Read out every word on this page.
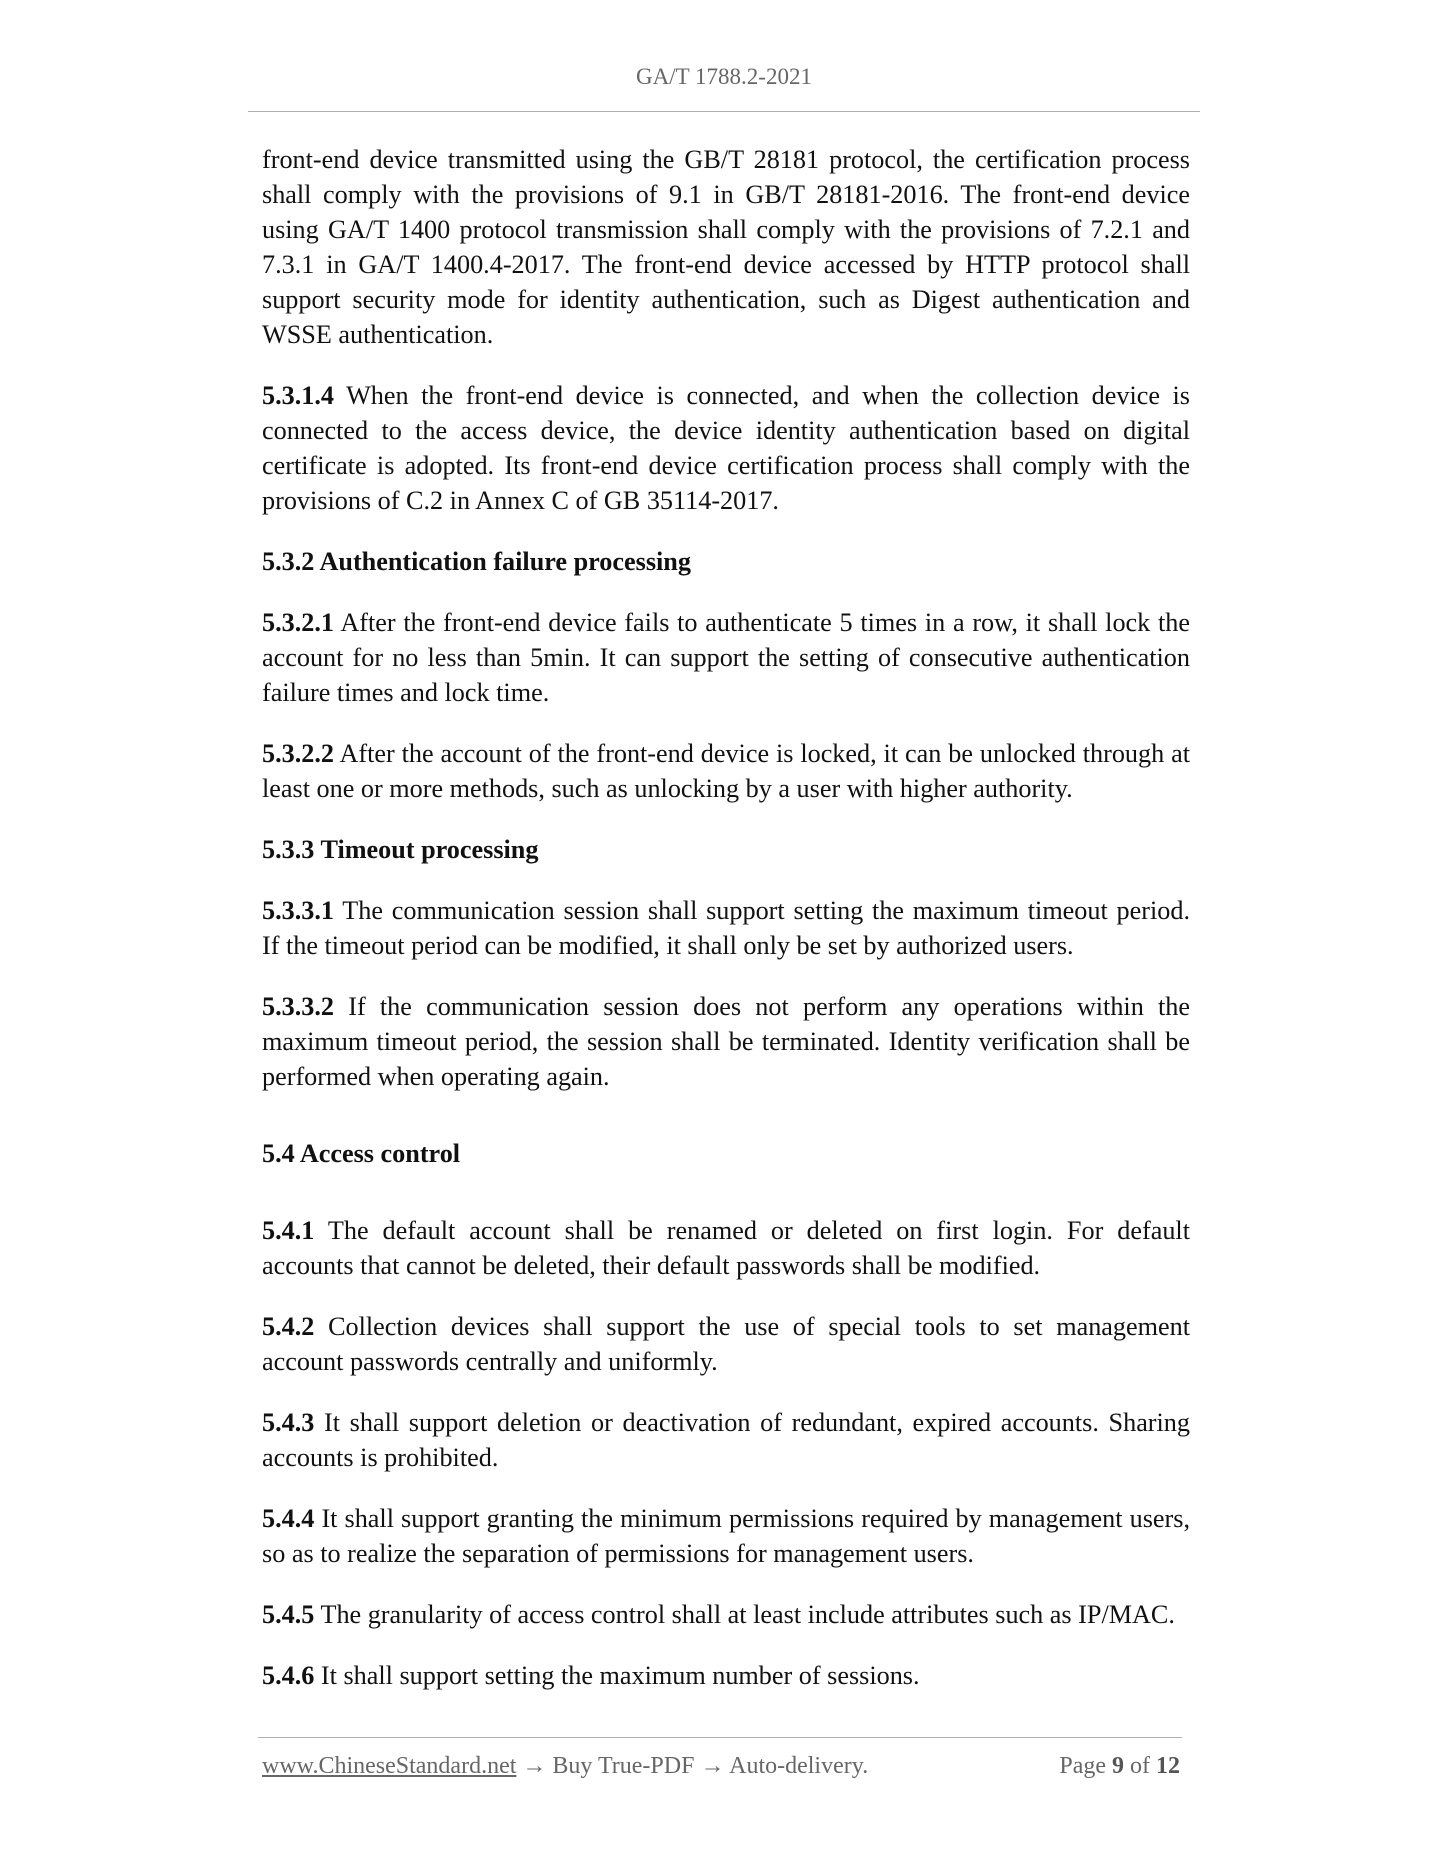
GA/T 1788.2-2021

front-end device transmitted using the GB/T 28181 protocol, the certification process shall comply with the provisions of 9.1 in GB/T 28181-2016. The front-end device using GA/T 1400 protocol transmission shall comply with the provisions of 7.2.1 and 7.3.1 in GA/T 1400.4-2017. The front-end device accessed by HTTP protocol shall support security mode for identity authentication, such as Digest authentication and WSSE authentication.

5.3.1.4 When the front-end device is connected, and when the collection device is connected to the access device, the device identity authentication based on digital certificate is adopted. Its front-end device certification process shall comply with the provisions of C.2 in Annex C of GB 35114-2017.

5.3.2 Authentication failure processing

5.3.2.1 After the front-end device fails to authenticate 5 times in a row, it shall lock the account for no less than 5min. It can support the setting of consecutive authentication failure times and lock time.

5.3.2.2 After the account of the front-end device is locked, it can be unlocked through at least one or more methods, such as unlocking by a user with higher authority.

5.3.3 Timeout processing

5.3.3.1 The communication session shall support setting the maximum timeout period. If the timeout period can be modified, it shall only be set by authorized users.

5.3.3.2 If the communication session does not perform any operations within the maximum timeout period, the session shall be terminated. Identity verification shall be performed when operating again.

5.4 Access control

5.4.1 The default account shall be renamed or deleted on first login. For default accounts that cannot be deleted, their default passwords shall be modified.

5.4.2 Collection devices shall support the use of special tools to set management account passwords centrally and uniformly.

5.4.3 It shall support deletion or deactivation of redundant, expired accounts. Sharing accounts is prohibited.

5.4.4 It shall support granting the minimum permissions required by management users, so as to realize the separation of permissions for management users.

5.4.5 The granularity of access control shall at least include attributes such as IP/MAC.

5.4.6 It shall support setting the maximum number of sessions.

www.ChineseStandard.net → Buy True-PDF → Auto-delivery.	Page 9 of 12
